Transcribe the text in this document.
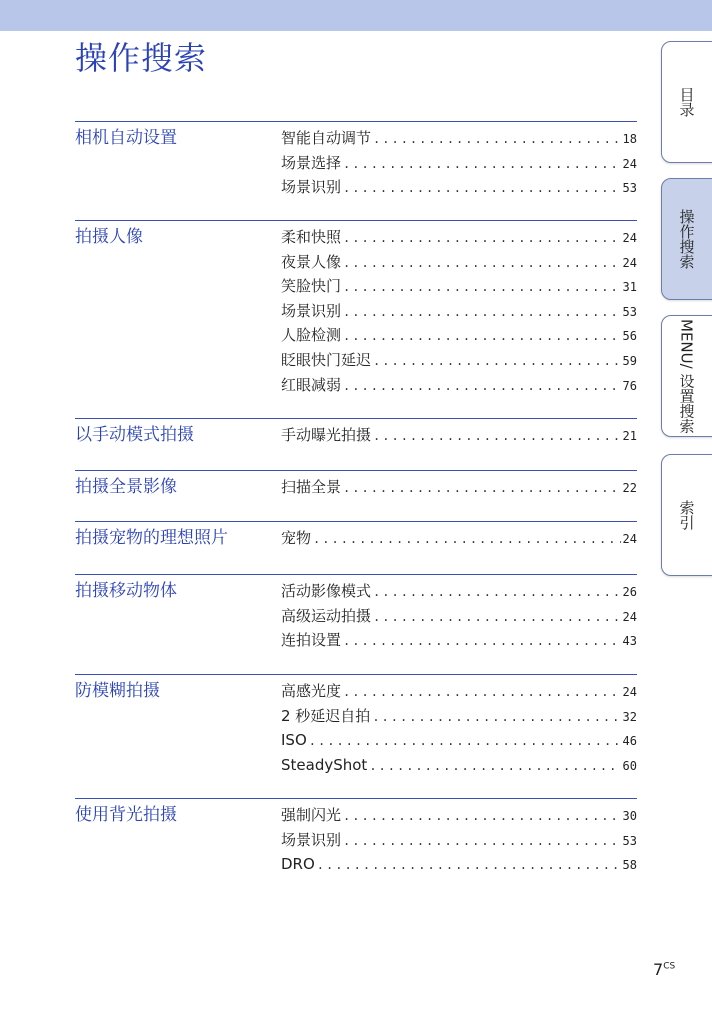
操作搜索
相机自动设置	智能自动调节 .....	18
场景选择 .....	24
场景识别 .....	53
拍摄人像	柔和快照 .....	24
夜景人像 .....	24
笑脸快门 .....	31
场景识别 .....	53
人脸检测 .....	56
眨眼快门延迟 .....	59
红眼减弱 .....	76
以手动模式拍摄	手动曝光拍摄 .....	21
拍摄全景影像	扫描全景 .....	22
拍摄宠物的理想照片	宠物 .....	24
拍摄移动物体	活动影像模式 .....	26
高级运动拍摄 .....	24
连拍设置 .....	43
防模糊拍摄	高感光度 .....	24
2 秒延迟自拍 .....	32
ISO .....	46
SteadyShot .....	60
使用背光拍摄	强制闪光 .....	30
场景识别 .....	53
DRO .....	58
目录
操作搜索
MENU/ 设置搜索
索引
$7^{CS}$
